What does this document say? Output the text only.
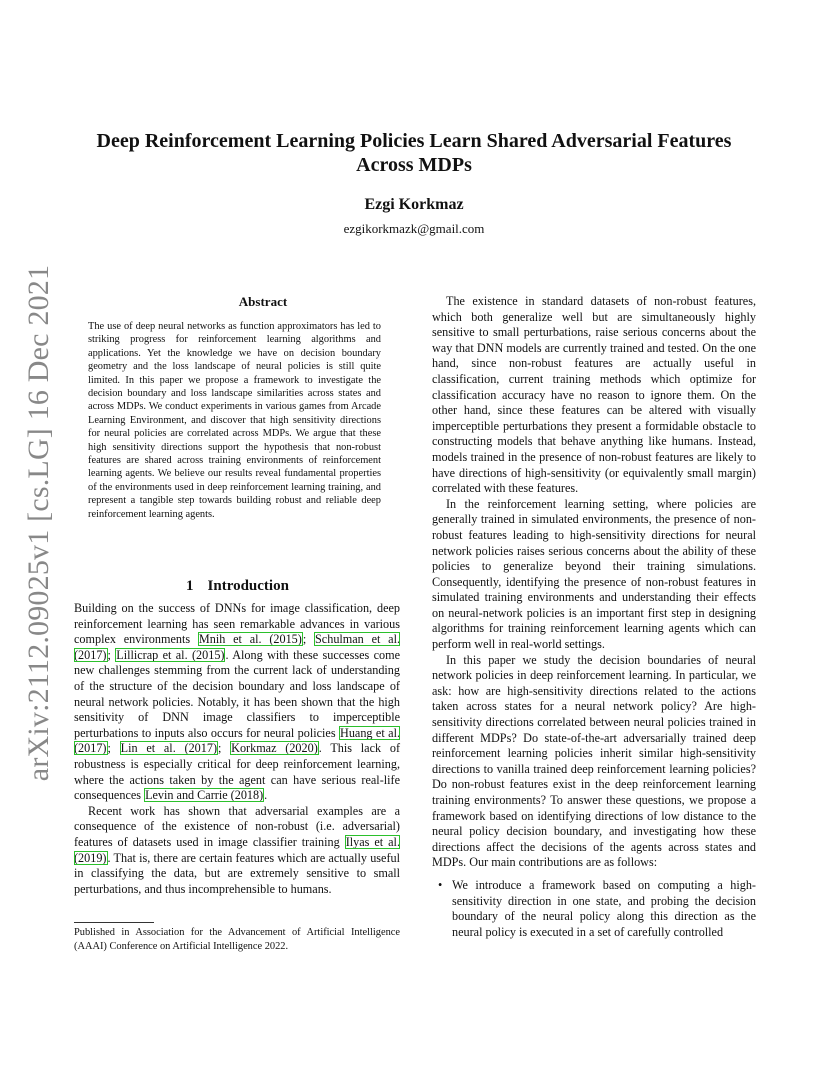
arXiv:2112.09025v1 [cs.LG] 16 Dec 2021
Deep Reinforcement Learning Policies Learn Shared Adversarial Features Across MDPs
Ezgi Korkmaz
ezgikorkmazk@gmail.com
Abstract

The use of deep neural networks as function approximators has led to striking progress for reinforcement learning algorithms and applications. Yet the knowledge we have on decision boundary geometry and the loss landscape of neural policies is still quite limited. In this paper we propose a framework to investigate the decision boundary and loss landscape similarities across states and across MDPs. We conduct experiments in various games from Arcade Learning Environment, and discover that high sensitivity directions for neural policies are correlated across MDPs. We argue that these high sensitivity directions support the hypothesis that non-robust features are shared across training environments of reinforcement learning agents. We believe our results reveal fundamental properties of the environments used in deep reinforcement learning training, and represent a tangible step towards building robust and reliable deep reinforcement learning agents.

1 Introduction

Building on the success of DNNs for image classification, deep reinforcement learning has seen remarkable advances in various complex environments Mnih et al. (2015); Schulman et al. (2017); Lillicrap et al. (2015). Along with these successes come new challenges stemming from the current lack of understanding of the structure of the decision boundary and loss landscape of neural network policies. Notably, it has been shown that the high sensitivity of DNN image classifiers to imperceptible perturbations to inputs also occurs for neural policies Huang et al. (2017); Lin et al. (2017); Korkmaz (2020). This lack of robustness is especially critical for deep reinforcement learning, where the actions taken by the agent can have serious real-life consequences Levin and Carrie (2018).

Recent work has shown that adversarial examples are a consequence of the existence of non-robust (i.e. adversarial) features of datasets used in image classifier training Ilyas et al. (2019). That is, there are certain features which are actually useful in classifying the data, but are extremely sensitive to small perturbations, and thus incomprehensible to humans.

The existence in standard datasets of non-robust features, which both generalize well but are simultaneously highly sensitive to small perturbations, raise serious concerns about the way that DNN models are currently trained and tested. On the one hand, since non-robust features are actually useful in classification, current training methods which optimize for classification accuracy have no reason to ignore them. On the other hand, since these features can be altered with visually imperceptible perturbations they present a formidable obstacle to constructing models that behave anything like humans. Instead, models trained in the presence of non-robust features are likely to have directions of high-sensitivity (or equivalently small margin) correlated with these features.

In the reinforcement learning setting, where policies are generally trained in simulated environments, the presence of non-robust features leading to high-sensitivity directions for neural network policies raises serious concerns about the ability of these policies to generalize beyond their training simulations. Consequently, identifying the presence of non-robust features in simulated training environments and understanding their effects on neural-network policies is an important first step in designing algorithms for training reinforcement learning agents which can perform well in real-world settings.

In this paper we study the decision boundaries of neural network policies in deep reinforcement learning. In particular, we ask: how are high-sensitivity directions related to the actions taken across states for a neural network policy? Are high-sensitivity directions correlated between neural policies trained in different MDPs? Do state-of-the-art adversarially trained deep reinforcement learning policies inherit similar high-sensitivity directions to vanilla trained deep reinforcement learning policies? Do non-robust features exist in the deep reinforcement learning training environments? To answer these questions, we propose a framework based on identifying directions of low distance to the neural policy decision boundary, and investigating how these directions affect the decisions of the agents across states and MDPs. Our main contributions are as follows:

• We introduce a framework based on computing a high-sensitivity direction in one state, and probing the decision boundary of the neural policy along this direction as the neural policy is executed in a set of carefully controlled

Published in Association for the Advancement of Artificial Intelligence (AAAI) Conference on Artificial Intelligence 2022.
